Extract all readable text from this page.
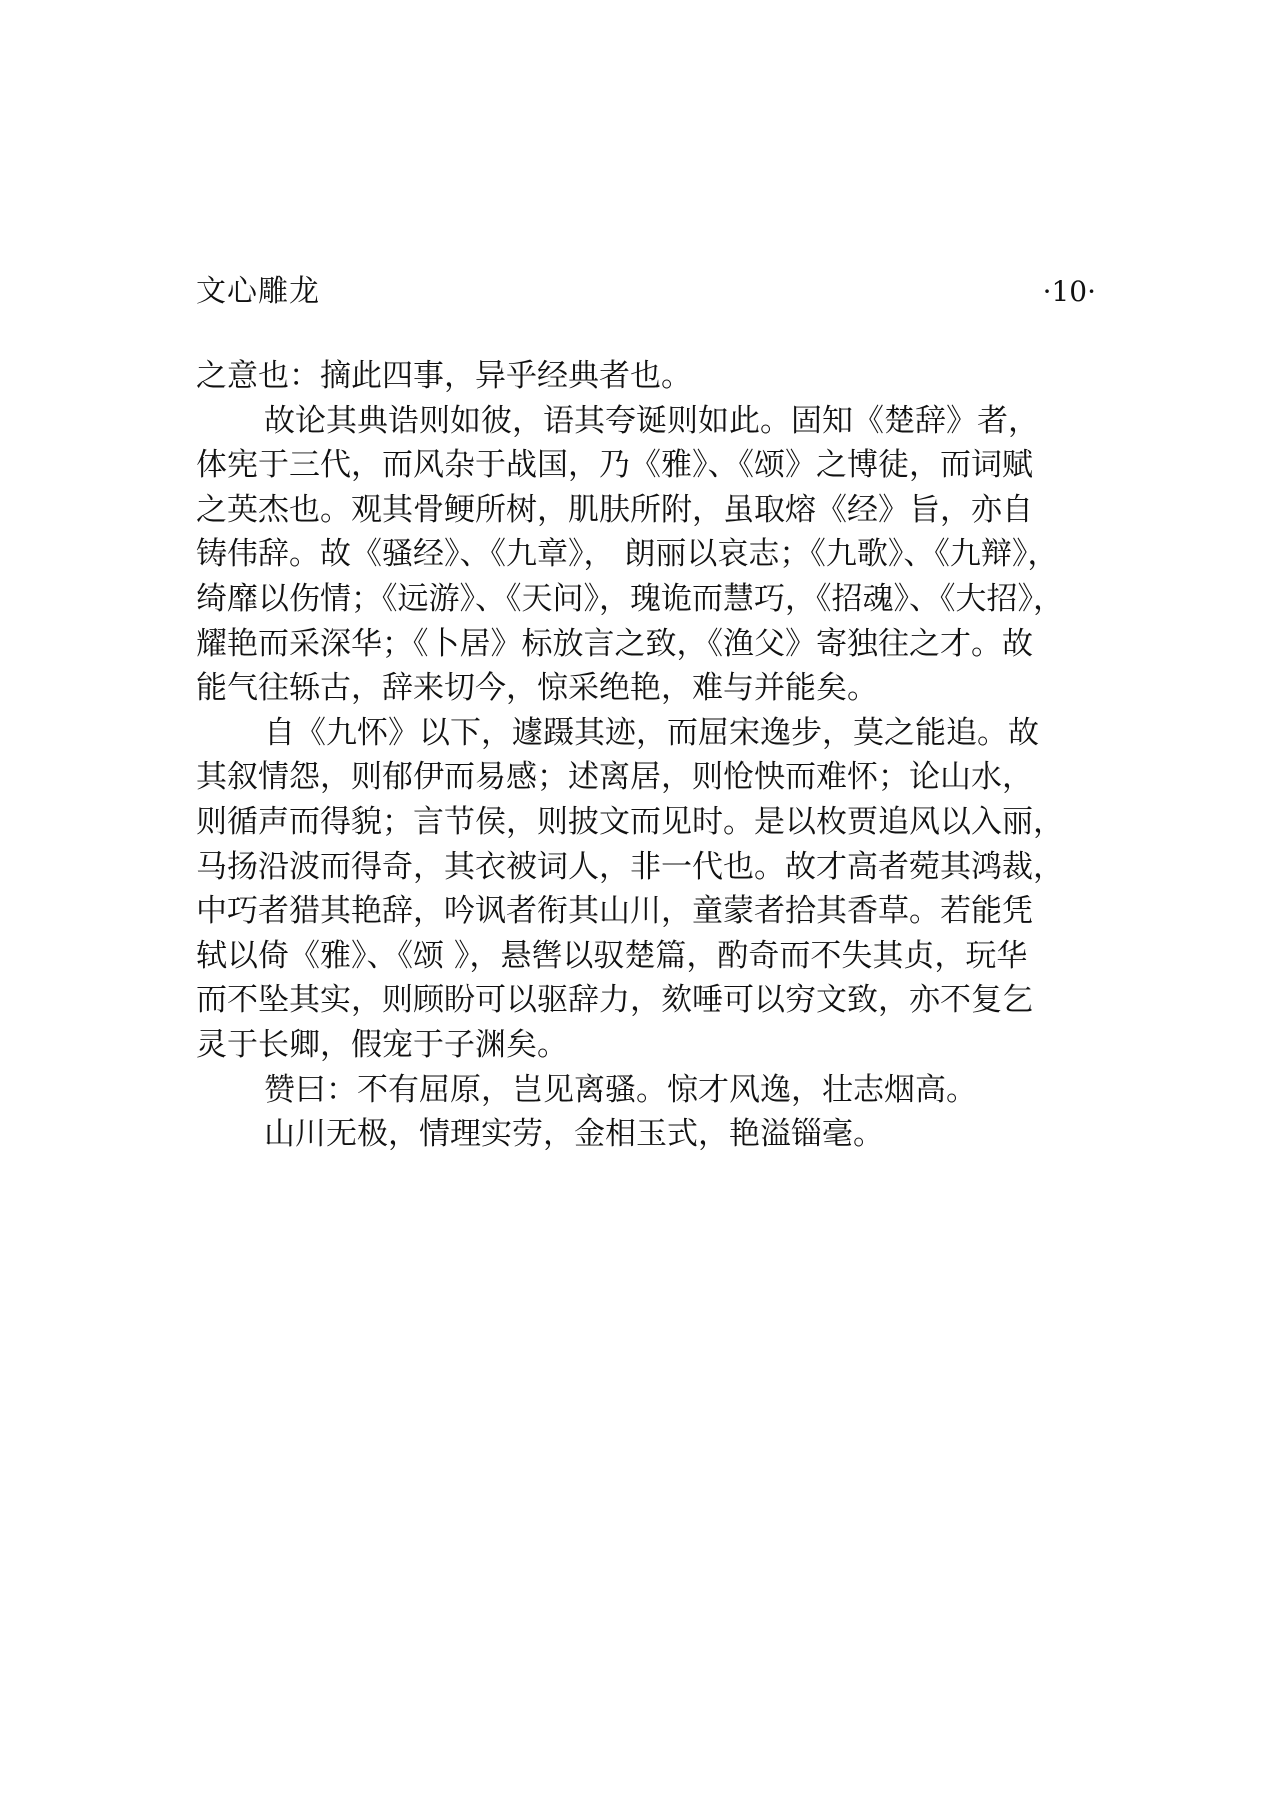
文心雕龙	·10·
之意也：摘此四事，异乎经典者也。
故论其典诰则如彼，语其夸诞则如此。固知《楚辞》者，
体宪于三代，而风杂于战国，乃《雅》、《颂》之博徒，而词赋
之英杰也。观其骨鲠所树，肌肤所附，虽取熔《经》旨，亦自
铸伟辞。故《骚经》、《九章》， 朗丽以哀志；《九歌》、《九辩》，
绮靡以伤情；《远游》、《天问》，瑰诡而慧巧，《招魂》、《大招》，
耀艳而采深华；《卜居》标放言之致，《渔父》寄独往之才。故
能气往轹古，辞来切今，惊采绝艳，难与并能矣。
自《九怀》以下，遽蹑其迹，而屈宋逸步，莫之能追。故
其叙情怨，则郁伊而易感；述离居，则怆怏而难怀；论山水，
则循声而得貌；言节侯，则披文而见时。是以枚贾追风以入丽，
马扬沿波而得奇，其衣被词人，非一代也。故才高者菀其鸿裁，
中巧者猎其艳辞，吟讽者衔其山川，童蒙者拾其香草。若能凭
轼以倚《雅》、《颂 》，悬辔以驭楚篇，酌奇而不失其贞，玩华
而不坠其实，则顾盼可以驱辞力，欬唾可以穷文致，亦不复乞
灵于长卿，假宠于子渊矣。
赞曰：不有屈原，岂见离骚。惊才风逸，壮志烟高。
山川无极，情理实劳，金相玉式，艳溢锱毫。
